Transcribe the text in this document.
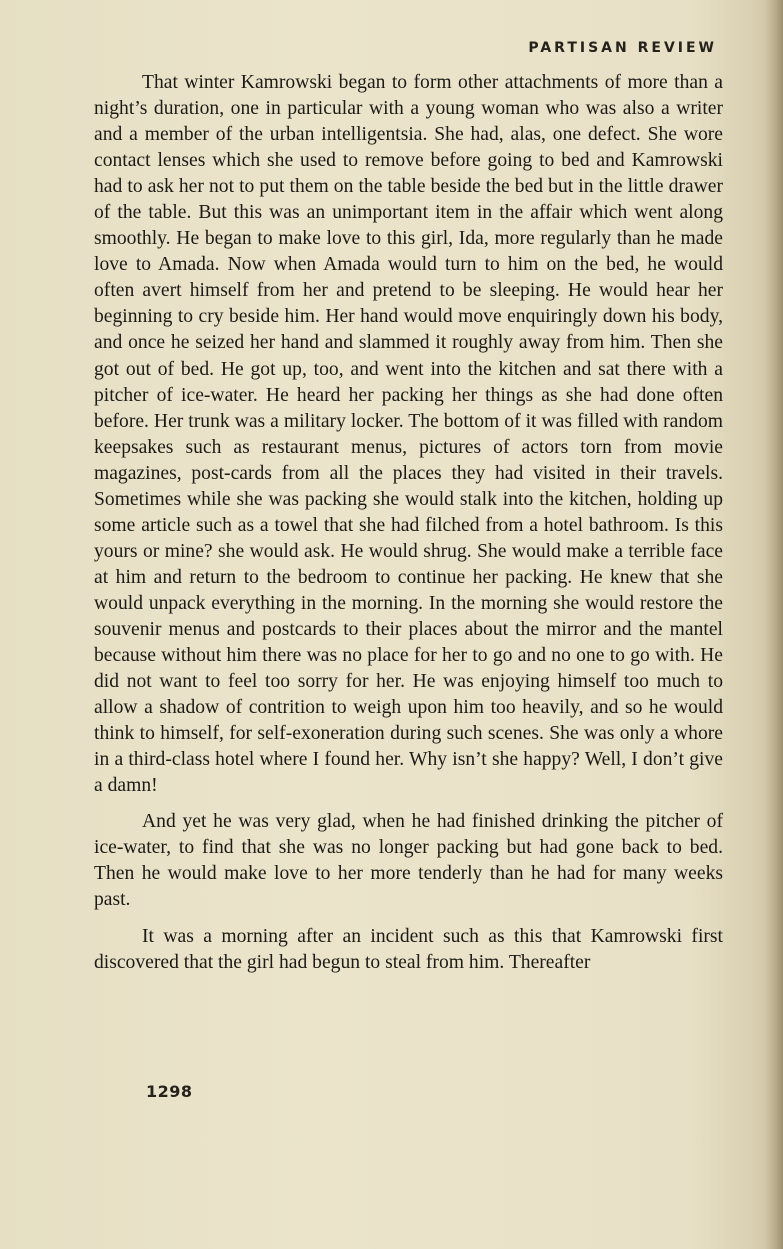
PARTISAN REVIEW

That winter Kamrowski began to form other attachments of more than a night’s duration, one in particular with a young woman who was also a writer and a member of the urban intelligentsia. She had, alas, one defect. She wore contact lenses which she used to remove before going to bed and Kamrowski had to ask her not to put them on the table beside the bed but in the little drawer of the table. But this was an unimportant item in the affair which went along smoothly. He began to make love to this girl, Ida, more regularly than he made love to Amada. Now when Amada would turn to him on the bed, he would often avert himself from her and pretend to be sleeping. He would hear her beginning to cry beside him. Her hand would move enquiringly down his body, and once he seized her hand and slammed it roughly away from him. Then she got out of bed. He got up, too, and went into the kitchen and sat there with a pitcher of ice-water. He heard her packing her things as she had done often before. Her trunk was a military locker. The bottom of it was filled with random keepsakes such as restaurant menus, pictures of actors torn from movie magazines, post-cards from all the places they had visited in their travels. Sometimes while she was packing she would stalk into the kitchen, holding up some article such as a towel that she had filched from a hotel bathroom. Is this yours or mine? she would ask. He would shrug. She would make a terrible face at him and return to the bedroom to continue her packing. He knew that she would unpack everything in the morning. In the morning she would restore the souvenir menus and postcards to their places about the mirror and the mantel because without him there was no place for her to go and no one to go with. He did not want to feel too sorry for her. He was enjoying himself too much to allow a shadow of contrition to weigh upon him too heavily, and so he would think to himself, for self-exoneration during such scenes. She was only a whore in a third-class hotel where I found her. Why isn’t she happy? Well, I don’t give a damn!

And yet he was very glad, when he had finished drinking the pitcher of ice-water, to find that she was no longer packing but had gone back to bed. Then he would make love to her more tenderly than he had for many weeks past.

It was a morning after an incident such as this that Kamrowski first discovered that the girl had begun to steal from him. Thereafter

1298
